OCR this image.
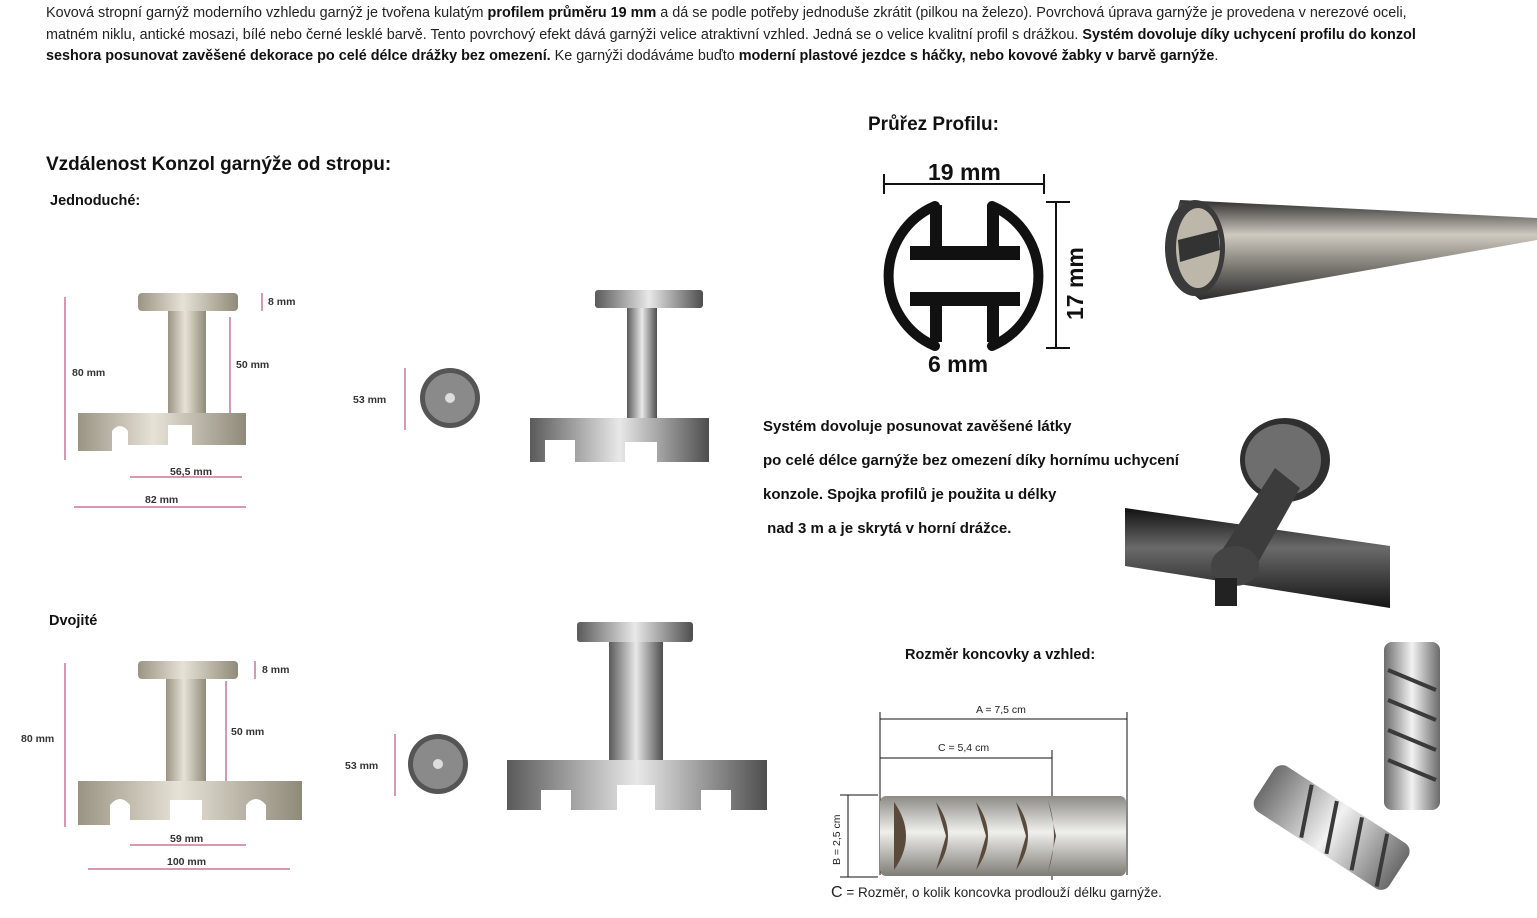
Kovová stropní garnýž moderního vzhledu garnýž je tvořena kulatým profilem průměru 19 mm a dá se podle potřeby jednoduše zkrátit (pilkou na železo). Povrchová úprava garnýže je provedena v nerezové oceli, matném niklu, antické mosazi, bílé nebo černé lesklé barvě. Tento povrchový efekt dává garnýži velice atraktivní vzhled. Jedná se o velice kvalitní profil s drážkou. Systém dovoluje díky uchycení profilu do konzol seshora posunovat zavěšené dekorace po celé délce drážky bez omezení. Ke garnýži dodáváme buďto moderní plastové jezdce s háčky, nebo kovové žabky v barvě garnýže.
Vzdálenost Konzol garnýže od stropu:
Jednoduché:
Dvojité
80 mm
50 mm
8 mm
56,5 mm
82 mm
53 mm
80 mm
50 mm
8 mm
59 mm
100 mm
53 mm
Průřez Profilu:
19 mm
17 mm
6 mm
Systém dovoluje posunovat zavěšené látky
po celé délce garnýže bez omezení díky hornímu uchycení
konzole. Spojka profilů je použita u délky
nad 3 m a je skrytá v horní drážce.
Rozměr koncovky a vzhled:
A = 7,5 cm
C = 5,4 cm
B = 2,5 cm
C = Rozměr, o kolik koncovka prodlouží délku garnýže.
